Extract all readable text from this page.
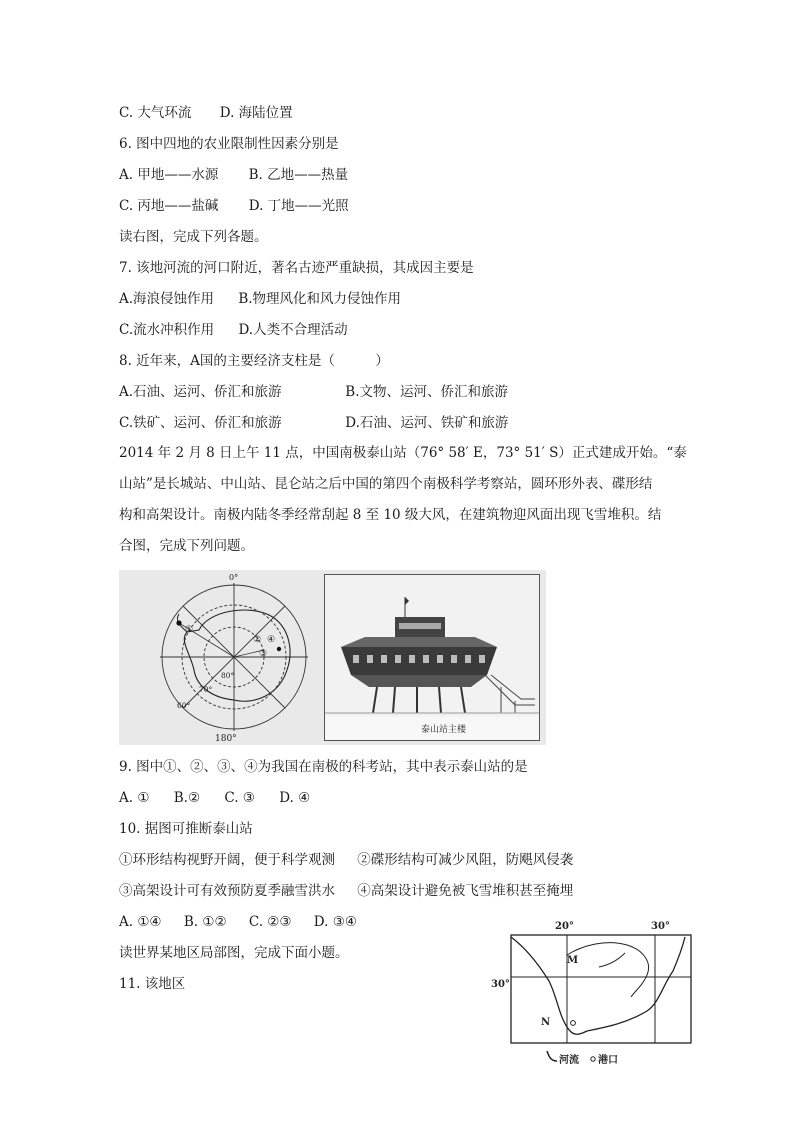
C. 大气环流 D. 海陆位置
6. 图中四地的农业限制性因素分别是
A. 甲地——水源 B. 乙地——热量
C. 丙地——盐碱 D. 丁地——光照
读右图，完成下列各题。
7. 该地河流的河口附近，著名古迹严重缺损，其成因主要是
A.海浪侵蚀作用 B.物理风化和风力侵蚀作用
C.流水冲积作用 D.人类不合理活动
8. 近年来，A国的主要经济支柱是（　　　）
A.石油、运河、侨汇和旅游	B.文物、运河、侨汇和旅游
C.铁矿、运河、侨汇和旅游	D.石油、运河、铁矿和旅游
2014 年 2 月 8 日上午 11 点，中国南极泰山站（76° 58′ E，73° 51′ S）正式建成开始。“泰
山站”是长城站、中山站、昆仑站之后中国的第四个南极科学考察站，圆环形外表、碟形结
构和高架设计。南极内陆冬季经常刮起 8 至 10 级大风，在建筑物迎风面出现飞雪堆积。结
合图，完成下列问题。
0°
180°
80°
70°
60°
①
②
③
④
泰山站主楼
9. 图中①、②、③、④为我国在南极的科考站，其中表示泰山站的是
A. ① B.② C. ③ D. ④
10. 据图可推断泰山站
①环形结构视野开阔，便于科学观测 ②碟形结构可减少风阻，防飓风侵袭
③高架设计可有效预防夏季融雪洪水 ④高架设计避免被飞雪堆积甚至掩埋
A. ①④ B. ①② C. ②③ D. ③④
读世界某地区局部图，完成下面小题。
11. 该地区
20°	30°
30°
M
N
河流 港口
